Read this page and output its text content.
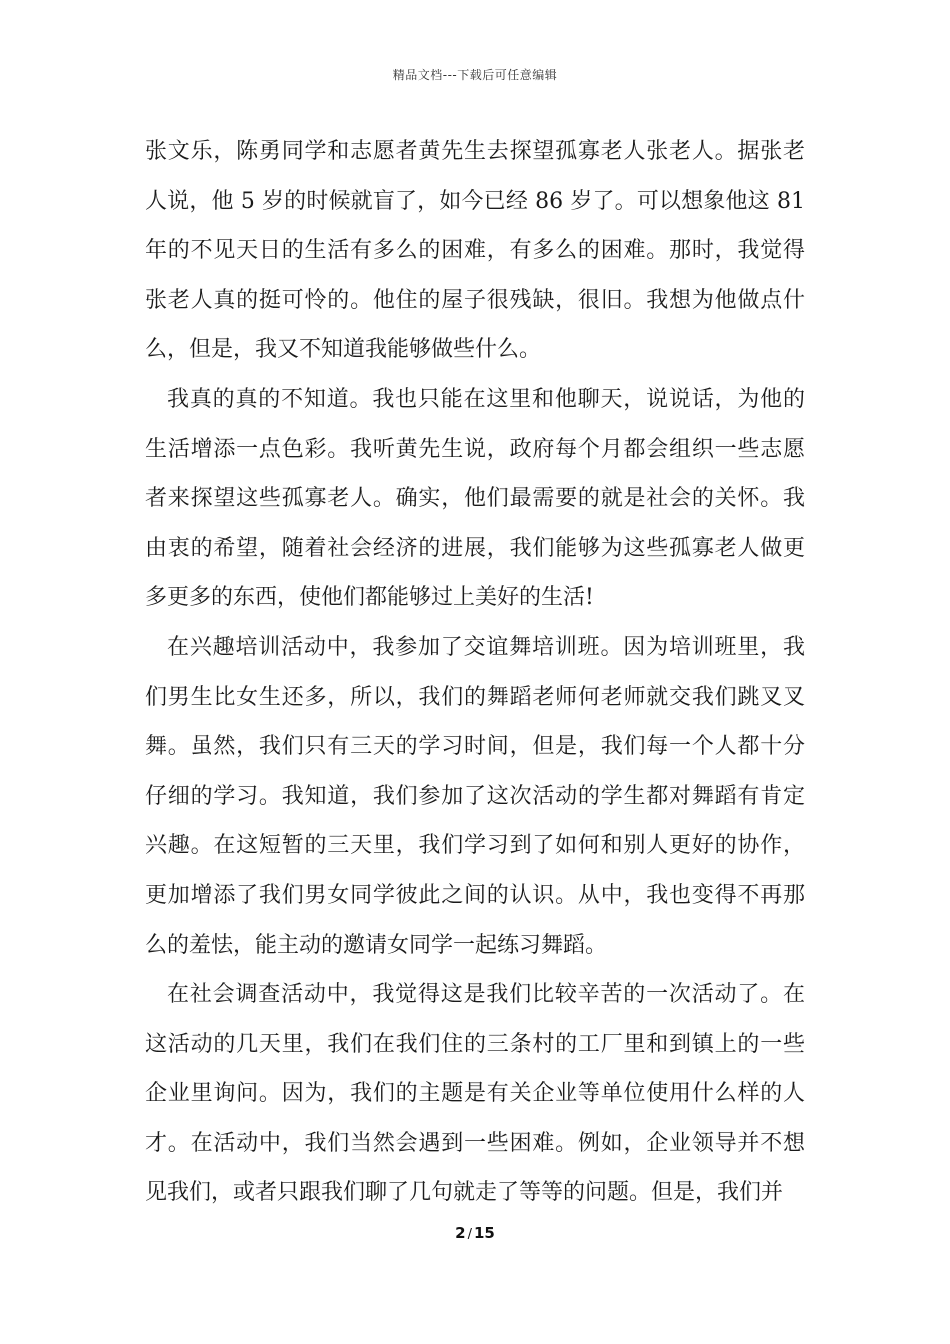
精品文档---下载后可任意编辑

张文乐，陈勇同学和志愿者黄先生去探望孤寡老人张老人。据张老
人说，他 5 岁的时候就盲了，如今已经 86 岁了。可以想象他这 81
年的不见天日的生活有多么的困难，有多么的困难。那时，我觉得
张老人真的挺可怜的。他住的屋子很残缺，很旧。我想为他做点什
么，但是，我又不知道我能够做些什么。

我真的真的不知道。我也只能在这里和他聊天，说说话，为他的
生活增添一点色彩。我听黄先生说，政府每个月都会组织一些志愿
者来探望这些孤寡老人。确实，他们最需要的就是社会的关怀。我
由衷的希望，随着社会经济的进展，我们能够为这些孤寡老人做更
多更多的东西，使他们都能够过上美好的生活!

在兴趣培训活动中，我参加了交谊舞培训班。因为培训班里，我
们男生比女生还多，所以，我们的舞蹈老师何老师就交我们跳叉叉
舞。虽然，我们只有三天的学习时间，但是，我们每一个人都十分
仔细的学习。我知道，我们参加了这次活动的学生都对舞蹈有肯定
兴趣。在这短暂的三天里，我们学习到了如何和别人更好的协作，
更加增添了我们男女同学彼此之间的认识。从中，我也变得不再那
么的羞怯，能主动的邀请女同学一起练习舞蹈。

在社会调查活动中，我觉得这是我们比较辛苦的一次活动了。在
这活动的几天里，我们在我们住的三条村的工厂里和到镇上的一些
企业里询问。因为，我们的主题是有关企业等单位使用什么样的人
才。在活动中，我们当然会遇到一些困难。例如，企业领导并不想
见我们，或者只跟我们聊了几句就走了等等的问题。但是，我们并

2 / 15
